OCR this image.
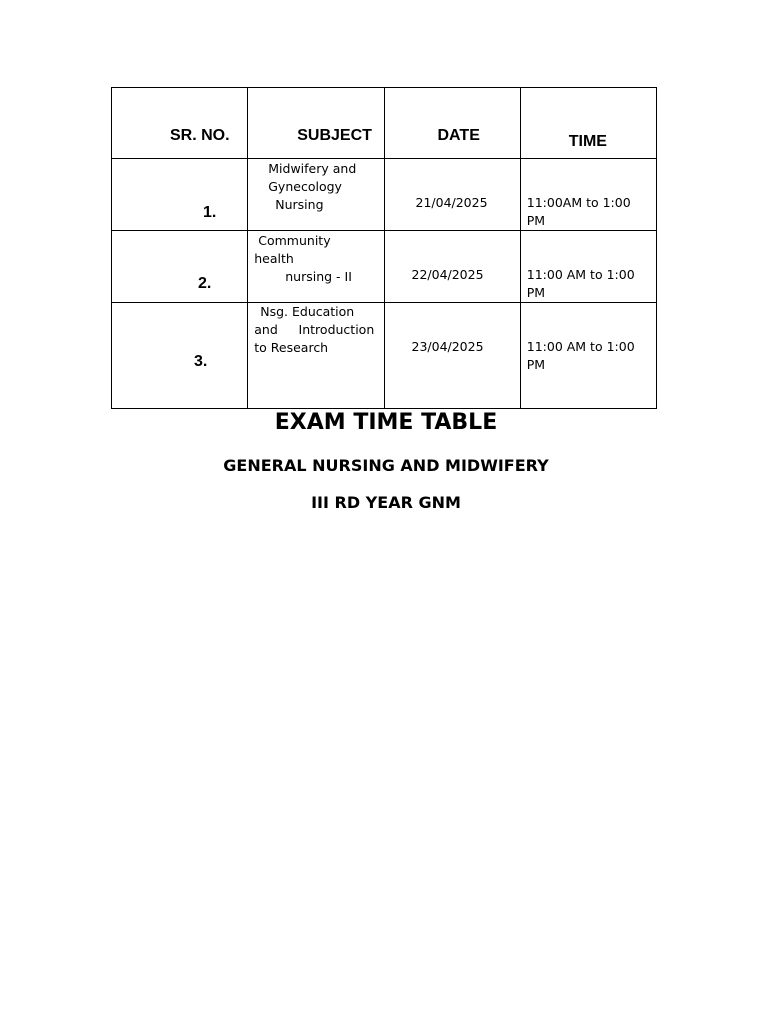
SR. NO.	SUBJECT	DATE	TIME

1.	Midwifery and
Gynecology
Nursing	21/04/2025	11:00AM to 1:00
PM

2.	Community
health
nursing - II	22/04/2025	11:00 AM to 1:00
PM

3.	Nsg. Education
and Introduction
to Research	23/04/2025	11:00 AM to 1:00
PM
EXAM TIME TABLE
GENERAL NURSING AND MIDWIFERY
III RD YEAR GNM
